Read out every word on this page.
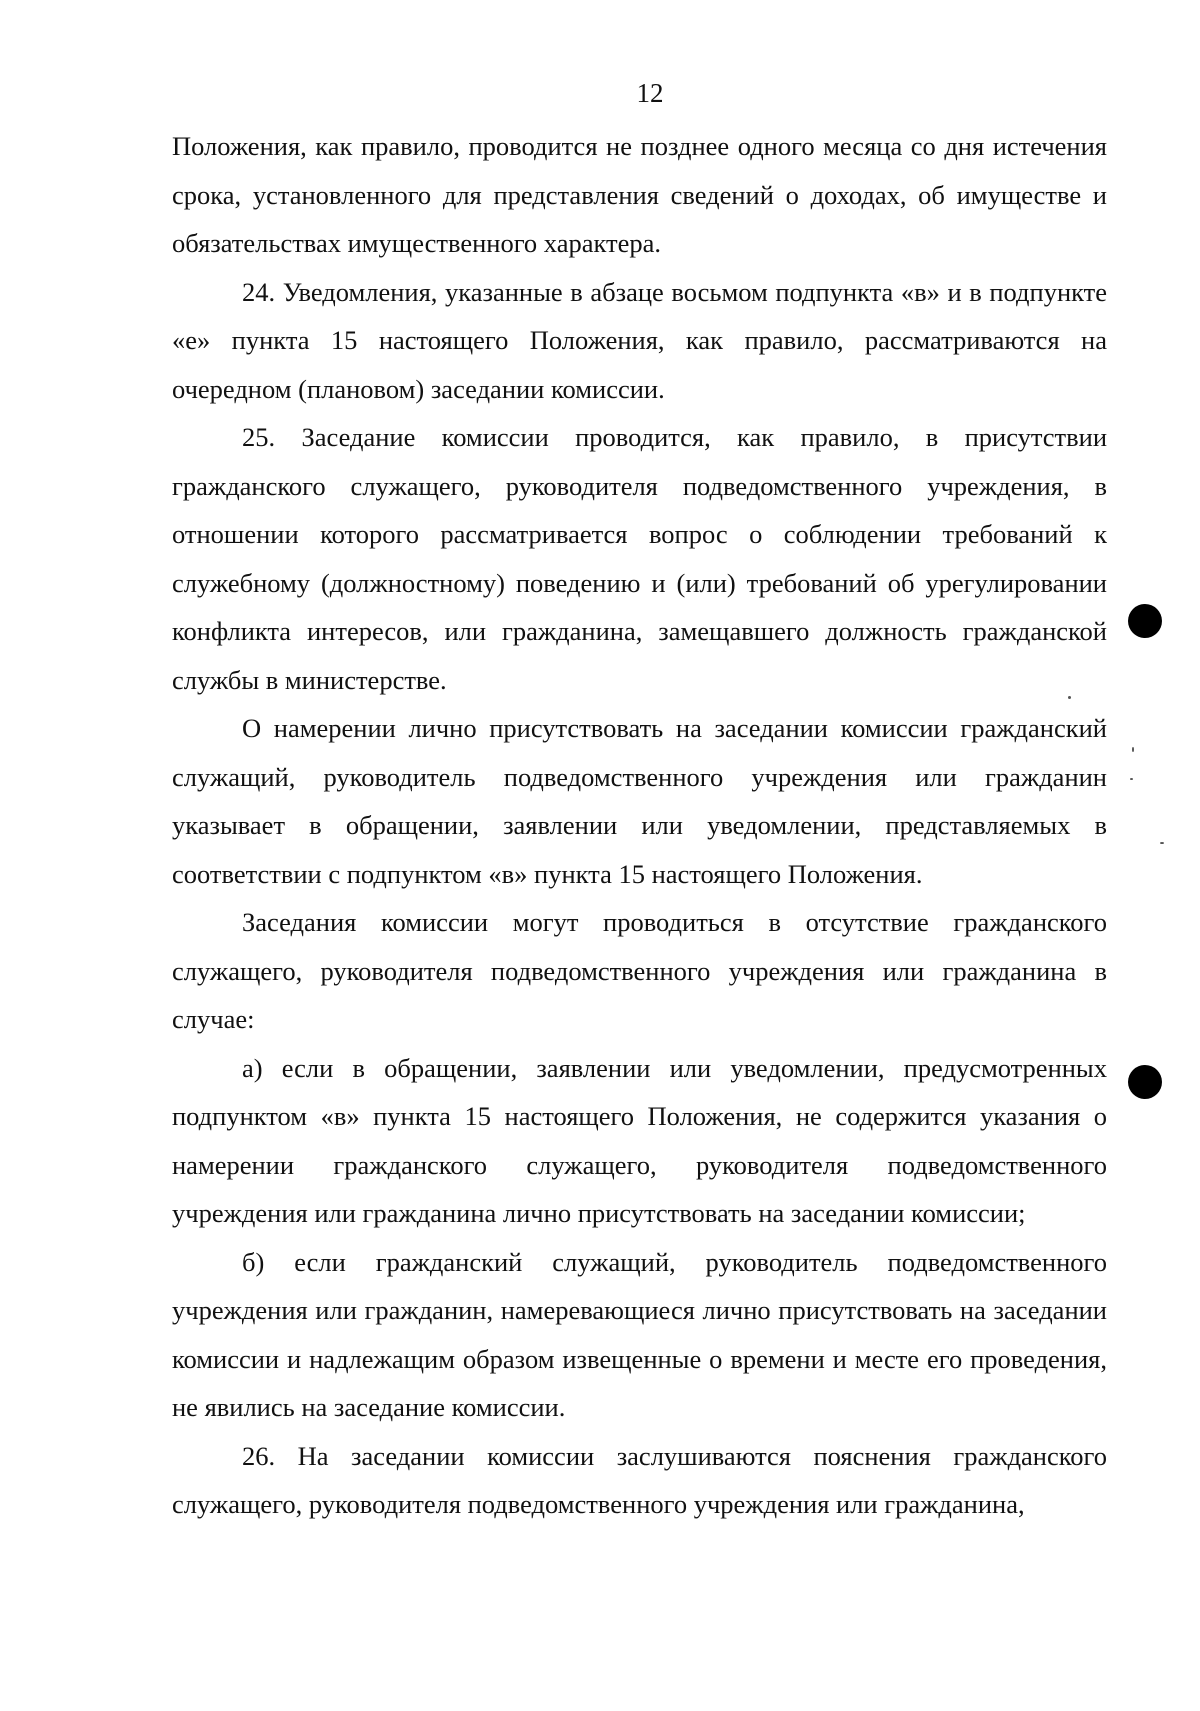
12

Положения, как правило, проводится не позднее одного месяца со дня истечения срока, установленного для представления сведений о доходах, об имуществе и обязательствах имущественного характера.

24. Уведомления, указанные в абзаце восьмом подпункта «в» и в подпункте «е» пункта 15 настоящего Положения, как правило, рассматриваются на очередном (плановом) заседании комиссии.

25. Заседание комиссии проводится, как правило, в присутствии гражданского служащего, руководителя подведомственного учреждения, в отношении которого рассматривается вопрос о соблюдении требований к служебному (должностному) поведению и (или) требований об урегулировании конфликта интересов, или гражданина, замещавшего должность гражданской службы в министерстве.

О намерении лично присутствовать на заседании комиссии гражданский служащий, руководитель подведомственного учреждения или гражданин указывает в обращении, заявлении или уведомлении, представляемых в соответствии с подпунктом «в» пункта 15 настоящего Положения.

Заседания комиссии могут проводиться в отсутствие гражданского служащего, руководителя подведомственного учреждения или гражданина в случае:

а) если в обращении, заявлении или уведомлении, предусмотренных подпунктом «в» пункта 15 настоящего Положения, не содержится указания о намерении гражданского служащего, руководителя подведомственного учреждения или гражданина лично присутствовать на заседании комиссии;

б) если гражданский служащий, руководитель подведомственного учреждения или гражданин, намеревающиеся лично присутствовать на заседании комиссии и надлежащим образом извещенные о времени и месте его проведения, не явились на заседание комиссии.

26. На заседании комиссии заслушиваются пояснения гражданского служащего, руководителя подведомственного учреждения или гражданина,
